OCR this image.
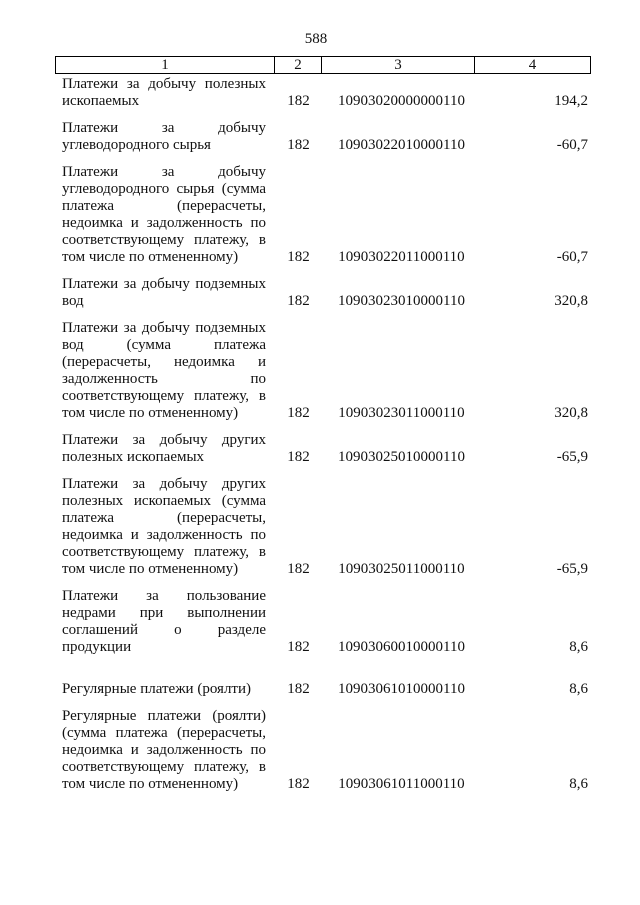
588
1	2	3	4
Платежи за добычу полезных
ископаемых	182	10903020000000110	194,2
Платежи за добычу
углеводородного сырья	182	10903022010000110	-60,7
Платежи за добычу
углеводородного сырья (сумма
платежа (перерасчеты,
недоимка и задолженность по
соответствующему платежу, в
том числе по отмененному)	182	10903022011000110	-60,7
Платежи за добычу подземных
вод	182	10903023010000110	320,8
Платежи за добычу подземных
вод (сумма платежа
(перерасчеты, недоимка и
задолженность по
соответствующему платежу, в
том числе по отмененному)	182	10903023011000110	320,8
Платежи за добычу других
полезных ископаемых	182	10903025010000110	-65,9
Платежи за добычу других
полезных ископаемых (сумма
платежа (перерасчеты,
недоимка и задолженность по
соответствующему платежу, в
том числе по отмененному)	182	10903025011000110	-65,9
Платежи за пользование
недрами при выполнении
соглашений о разделе
продукции	182	10903060010000110	8,6
Регулярные платежи (роялти)	182	10903061010000110	8,6
Регулярные платежи (роялти)
(сумма платежа (перерасчеты,
недоимка и задолженность по
соответствующему платежу, в
том числе по отмененному)	182	10903061011000110	8,6
